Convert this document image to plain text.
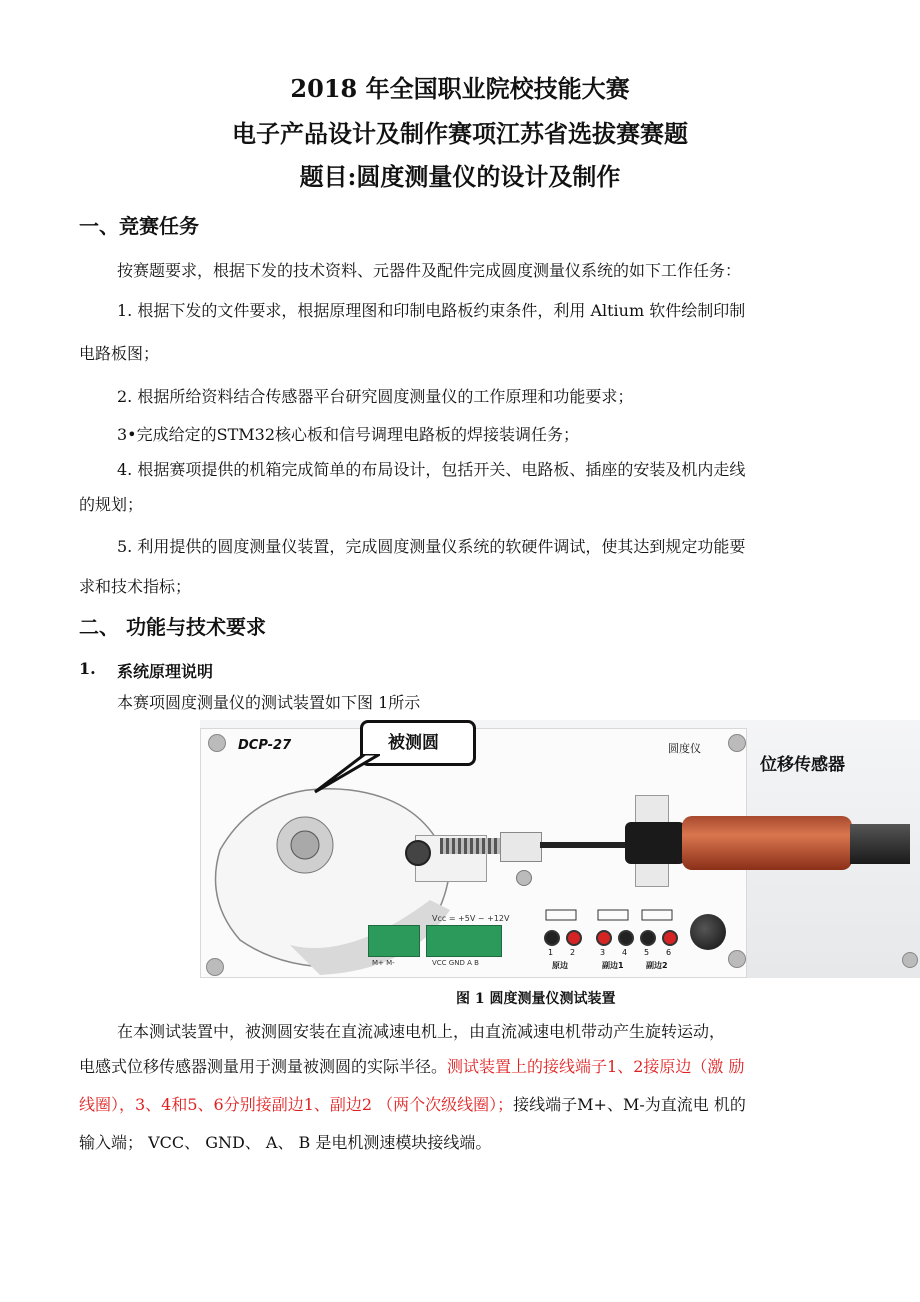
2018 年全国职业院校技能大赛
电子产品设计及制作赛项江苏省选拔赛赛题
题目:圆度测量仪的设计及制作
一、竞赛任务
按赛题要求，根据下发的技术资料、元器件及配件完成圆度测量仪系统的如下工作任务：
1. 根据下发的文件要求，根据原理图和印制电路板约束条件，利用 Altium 软件绘制印制
电路板图；
2. 根据所给资料结合传感器平台研究圆度测量仪的工作原理和功能要求；
3•完成给定的STM32核心板和信号调理电路板的焊接装调任务；
4. 根据赛项提供的机箱完成简单的布局设计，包括开关、电路板、插座的安装及机内走线
的规划；
5. 利用提供的圆度测量仪装置，完成圆度测量仪系统的软硬件调试，使其达到规定功能要
求和技术指标；
二、 功能与技术要求
1. 系统原理说明
本赛项圆度测量仪的测试装置如下图 1所示
DCP-27	被测圆	圆度仪
位移传感器
Vcc = +5V ~ +12V
M+ M-	VCC GND A B
1 2	3 4 5 6
原边	副边1	副边2
图 1 圆度测量仪测试装置
在本测试装置中，被测圆安装在直流减速电机上，由直流减速电机带动产生旋转运动，
电感式位移传感器测量用于测量被测圆的实际半径。测试装置上的接线端子1、2接原边（激 励
线圈），3、4和5、6分别接副边1、副边2 （两个次级线圈）；接线端子M+、M-为直流电 机的
输入端； VCC、 GND、 A、 B 是电机测速模块接线端。
